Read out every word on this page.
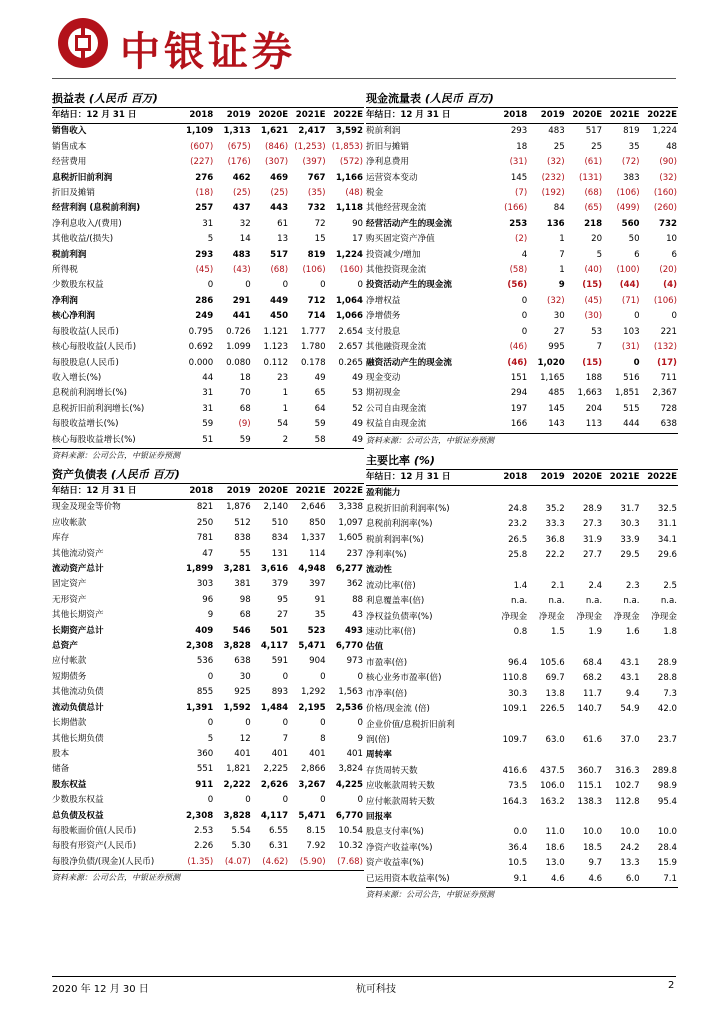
中银证券
损益表 (人民币 百万)
年结日：12 月 31 日	2018	2019	2020E	2021E	2022E
销售收入	1,109	1,313	1,621	2,417	3,592
销售成本	(607)	(675)	(846)	(1,253)	(1,853)
经营费用	(227)	(176)	(307)	(397)	(572)
息税折旧前利润	276	462	469	767	1,166
折旧及摊销	(18)	(25)	(25)	(35)	(48)
经营利润 (息税前利润)	257	437	443	732	1,118
净利息收入/(费用)	31	32	61	72	90
其他收益/(损失)	5	14	13	15	17
税前利润	293	483	517	819	1,224
所得税	(45)	(43)	(68)	(106)	(160)
少数股东权益	0	0	0	0	0
净利润	286	291	449	712	1,064
核心净利润	249	441	450	714	1,066
每股收益(人民币)	0.795	0.726	1.121	1.777	2.654
核心每股收益(人民币)	0.692	1.099	1.123	1.780	2.657
每股股息(人民币)	0.000	0.080	0.112	0.178	0.265
收入增长(%)	44	18	23	49	49
息税前利润增长(%)	31	70	1	65	53
息税折旧前利润增长(%)	31	68	1	64	52
每股收益增长(%)	59	(9)	54	59	49
核心每股收益增长(%)	51	59	2	58	49
资料来源：公司公告，中银证券预测
现金流量表 (人民币 百万)
年结日：12 月 31 日	2018	2019	2020E	2021E	2022E
税前利润	293	483	517	819	1,224
折旧与摊销	18	25	25	35	48
净利息费用	(31)	(32)	(61)	(72)	(90)
运营资本变动	145	(232)	(131)	383	(32)
税金	(7)	(192)	(68)	(106)	(160)
其他经营现金流	(166)	84	(65)	(499)	(260)
经营活动产生的现金流	253	136	218	560	732
购买固定资产净值	(2)	1	20	50	10
投资减少/增加	4	7	5	6	6
其他投资现金流	(58)	1	(40)	(100)	(20)
投资活动产生的现金流	(56)	9	(15)	(44)	(4)
净增权益	0	(32)	(45)	(71)	(106)
净增债务	0	30	(30)	0	0
支付股息	0	27	53	103	221
其他融资现金流	(46)	995	7	(31)	(132)
融资活动产生的现金流	(46)	1,020	(15)	0	(17)
现金变动	151	1,165	188	516	711
期初现金	294	485	1,663	1,851	2,367
公司自由现金流	197	145	204	515	728
权益自由现金流	166	143	113	444	638
资料来源：公司公告，中银证券预测
资产负债表 (人民币 百万)
年结日：12 月 31 日	2018	2019	2020E	2021E	2022E
现金及现金等价物	821	1,876	2,140	2,646	3,338
应收帐款	250	512	510	850	1,097
库存	781	838	834	1,337	1,605
其他流动资产	47	55	131	114	237
流动资产总计	1,899	3,281	3,616	4,948	6,277
固定资产	303	381	379	397	362
无形资产	96	98	95	91	88
其他长期资产	9	68	27	35	43
长期资产总计	409	546	501	523	493
总资产	2,308	3,828	4,117	5,471	6,770
应付帐款	536	638	591	904	973
短期债务	0	30	0	0	0
其他流动负债	855	925	893	1,292	1,563
流动负债总计	1,391	1,592	1,484	2,195	2,536
长期借款	0	0	0	0	0
其他长期负债	5	12	7	8	9
股本	360	401	401	401	401
储备	551	1,821	2,225	2,866	3,824
股东权益	911	2,222	2,626	3,267	4,225
少数股东权益	0	0	0	0	0
总负债及权益	2,308	3,828	4,117	5,471	6,770
每股帐面价值(人民币)	2.53	5.54	6.55	8.15	10.54
每股有形资产(人民币)	2.26	5.30	6.31	7.92	10.32
每股净负债/(现金)(人民币)	(1.35)	(4.07)	(4.62)	(5.90)	(7.68)
资料来源：公司公告，中银证券预测
主要比率 (%)
年结日：12 月 31 日	2018	2019	2020E	2021E	2022E
盈利能力					
息税折旧前利润率(%)	24.8	35.2	28.9	31.7	32.5
息税前利润率(%)	23.2	33.3	27.3	30.3	31.1
税前利润率(%)	26.5	36.8	31.9	33.9	34.1
净利率(%)	25.8	22.2	27.7	29.5	29.6
流动性					
流动比率(倍)	1.4	2.1	2.4	2.3	2.5
利息覆盖率(倍)	n.a.	n.a.	n.a.	n.a.	n.a.
净权益负债率(%)	净现金	净现金	净现金	净现金	净现金
速动比率(倍)	0.8	1.5	1.9	1.6	1.8
估值					
市盈率(倍)	96.4	105.6	68.4	43.1	28.9
核心业务市盈率(倍)	110.8	69.7	68.2	43.1	28.8
市净率(倍)	30.3	13.8	11.7	9.4	7.3
价格/现金流 (倍)	109.1	226.5	140.7	54.9	42.0
企业价值/息税折旧前利					
润(倍)	109.7	63.0	61.6	37.0	23.7
周转率					
存货周转天数	416.6	437.5	360.7	316.3	289.8
应收帐款周转天数	73.5	106.0	115.1	102.7	98.9
应付帐款周转天数	164.3	163.2	138.3	112.8	95.4
回报率					
股息支付率(%)	0.0	11.0	10.0	10.0	10.0
净资产收益率(%)	36.4	18.6	18.5	24.2	28.4
资产收益率(%)	10.5	13.0	9.7	13.3	15.9
已运用资本收益率(%)	9.1	4.6	4.6	6.0	7.1
资料来源：公司公告，中银证券预测
2020 年 12 月 30 日	杭可科技	2
